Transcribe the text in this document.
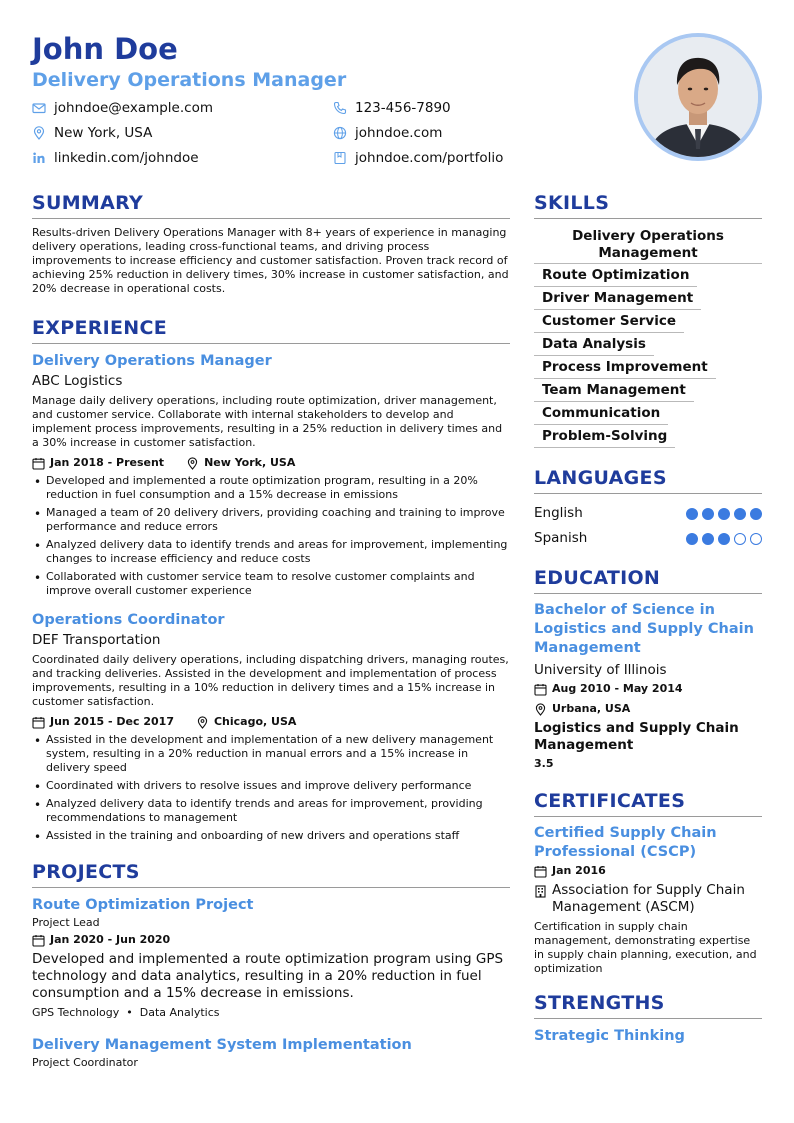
John Doe
Delivery Operations Manager
johndoe@example.com	123-456-7890
New York, USA	johndoe.com
linkedin.com/johndoe	johndoe.com/portfolio
SUMMARY
Results-driven Delivery Operations Manager with 8+ years of experience in managing delivery operations, leading cross-functional teams, and driving process improvements to increase efficiency and customer satisfaction. Proven track record of achieving 25% reduction in delivery times, 30% increase in customer satisfaction, and 20% decrease in operational costs.
EXPERIENCE
Delivery Operations Manager
ABC Logistics
Manage daily delivery operations, including route optimization, driver management, and customer service. Collaborate with internal stakeholders to develop and implement process improvements, resulting in a 25% reduction in delivery times and a 30% increase in customer satisfaction.
Jan 2018 - Present	New York, USA
• Developed and implemented a route optimization program, resulting in a 20% reduction in fuel consumption and a 15% decrease in emissions
• Managed a team of 20 delivery drivers, providing coaching and training to improve performance and reduce errors
• Analyzed delivery data to identify trends and areas for improvement, implementing changes to increase efficiency and reduce costs
• Collaborated with customer service team to resolve customer complaints and improve overall customer experience
Operations Coordinator
DEF Transportation
Coordinated daily delivery operations, including dispatching drivers, managing routes, and tracking deliveries. Assisted in the development and implementation of process improvements, resulting in a 10% reduction in delivery times and a 15% increase in customer satisfaction.
Jun 2015 - Dec 2017	Chicago, USA
• Assisted in the development and implementation of a new delivery management system, resulting in a 20% reduction in manual errors and a 15% increase in delivery speed
• Coordinated with drivers to resolve issues and improve delivery performance
• Analyzed delivery data to identify trends and areas for improvement, providing recommendations to management
• Assisted in the training and onboarding of new drivers and operations staff
PROJECTS
Route Optimization Project
Project Lead
Jan 2020 - Jun 2020
Developed and implemented a route optimization program using GPS technology and data analytics, resulting in a 20% reduction in fuel consumption and a 15% decrease in emissions.
GPS Technology • Data Analytics
Delivery Management System Implementation
Project Coordinator
SKILLS
Delivery Operations Management
Route Optimization
Driver Management
Customer Service
Data Analysis
Process Improvement
Team Management
Communication
Problem-Solving
LANGUAGES
English
Spanish
EDUCATION
Bachelor of Science in Logistics and Supply Chain Management
University of Illinois
Aug 2010 - May 2014
Urbana, USA
Logistics and Supply Chain Management
3.5
CERTIFICATES
Certified Supply Chain Professional (CSCP)
Jan 2016
Association for Supply Chain Management (ASCM)
Certification in supply chain management, demonstrating expertise in supply chain planning, execution, and optimization
STRENGTHS
Strategic Thinking
